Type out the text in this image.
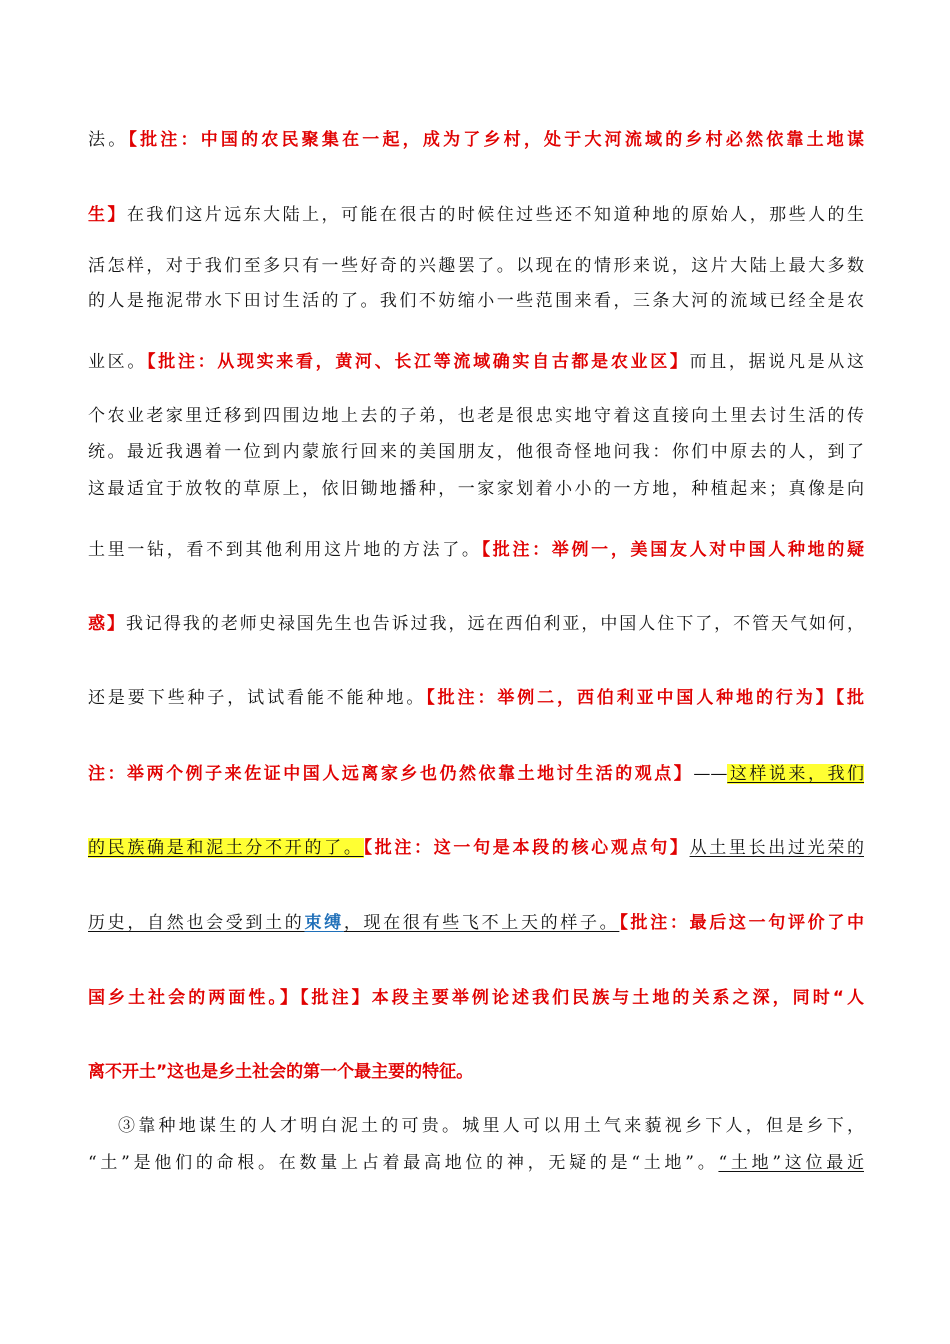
法。【批注：中国的农民聚集在一起，成为了乡村，处于大河流域的乡村必然依靠土地谋
生】在我们这片远东大陆上，可能在很古的时候住过些还不知道种地的原始人，那些人的生
活怎样，对于我们至多只有一些好奇的兴趣罢了。以现在的情形来说，这片大陆上最大多数
的人是拖泥带水下田讨生活的了。我们不妨缩小一些范围来看，三条大河的流域已经全是农
业区。【批注：从现实来看，黄河、长江等流域确实自古都是农业区】而且，据说凡是从这
个农业老家里迁移到四围边地上去的子弟，也老是很忠实地守着这直接向土里去讨生活的传
统。最近我遇着一位到内蒙旅行回来的美国朋友，他很奇怪地问我：你们中原去的人，到了
这最适宜于放牧的草原上，依旧锄地播种，一家家划着小小的一方地，种植起来；真像是向
土里一钻，看不到其他利用这片地的方法了。【批注：举例一，美国友人对中国人种地的疑
惑】我记得我的老师史禄国先生也告诉过我，远在西伯利亚，中国人住下了，不管天气如何，
还是要下些种子，试试看能不能种地。【批注：举例二，西伯利亚中国人种地的行为】【批
注：举两个例子来佐证中国人远离家乡也仍然依靠土地讨生活的观点】——这样说来，我们
的民族确是和泥土分不开的了。【批注：这一句是本段的核心观点句】从土里长出过光荣的
历史，自然也会受到土的束缚，现在很有些飞不上天的样子。【批注：最后这一句评价了中
国乡土社会的两面性。】【批注】本段主要举例论述我们民族与土地的关系之深，同时“人
离不开土”这也是乡土社会的第一个最主要的特征。
③靠种地谋生的人才明白泥土的可贵。城里人可以用土气来藐视乡下人，但是乡下，
“土”是他们的命根。在数量上占着最高地位的神，无疑的是“土地”。“土地”这位最近
